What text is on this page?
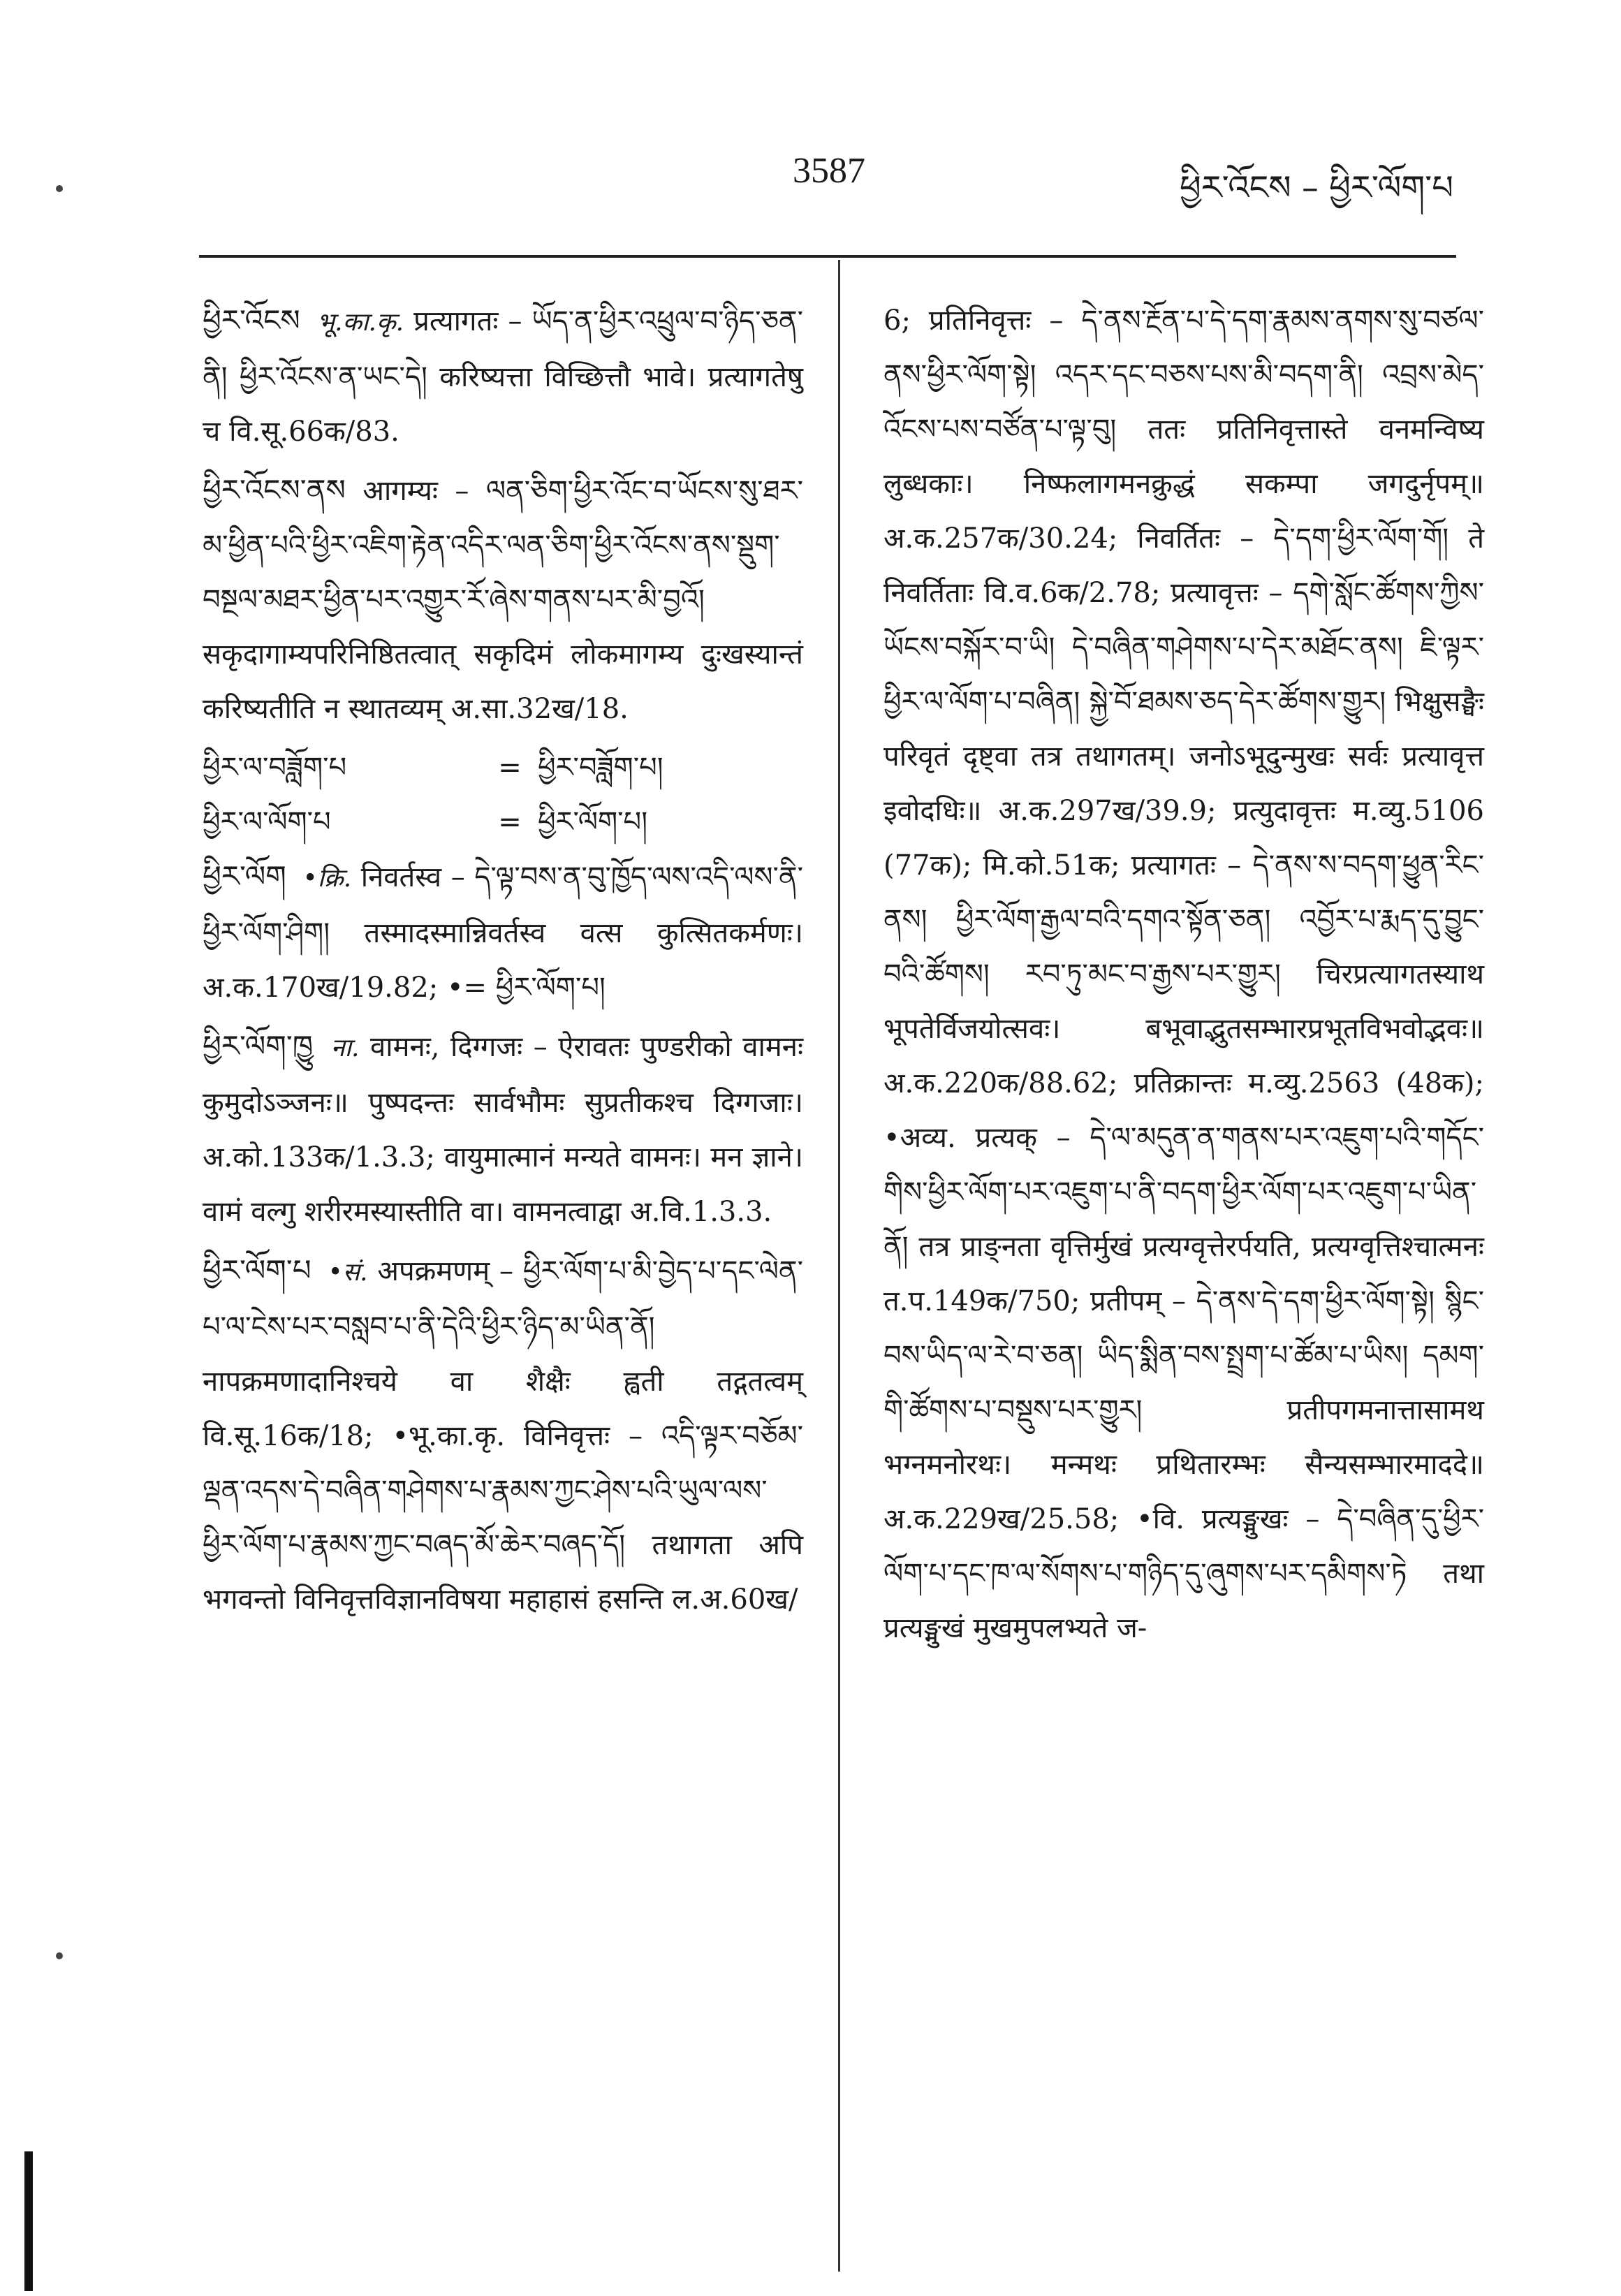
3587	ཕྱིར་འོངས – ཕྱིར་ལོག་པ

ཕྱིར་འོངས भू.का.कृ. प्रत्यागतः – ཡོད་ན་ཕྱིར་འཕྲུལ་བ་ཉིད་ཅན་ནི། ཕྱིར་འོངས་ན་ཡང་དེ། करिष्यत्ता विच्छित्तौ भावे। प्रत्यागतेषु च वि.सू.66क/83.

ཕྱིར་འོངས་ནས आगम्यः – ལན་ཅིག་ཕྱིར་འོང་བ་ཡོངས་སུ་ཐར་མ་ཕྱིན་པའི་ཕྱིར་འཇིག་རྟེན་འདིར་ལན་ཅིག་ཕྱིར་འོངས་ནས་སྡུག་བསྔལ་མཐར་ཕྱིན་པར་འགྱུར་རོ་ཞེས་གནས་པར་མི་བྱའོ། सकृदागाम्यपरिनिष्ठितत्वात् सकृदिमं लोकमागम्य दुःखस्यान्तं करिष्यतीति न स्थातव्यम् अ.सा.32ख/18.

ཕྱིར་ལ་བཟློག་པ	= ཕྱིར་བཟློག་པ།
ཕྱིར་ལ་ལོག་པ	= ཕྱིར་ལོག་པ།

ཕྱིར་ལོག •क्रि. निवर्तस्व – དེ་ལྟ་བས་ན་བུ་ཁྱོད་ལས་འདི་ལས་ནི་ཕྱིར་ལོག་ཤིག། तस्मादस्मान्निवर्तस्व वत्स कुत्सितकर्मणः। अ.क.170ख/19.82; •= ཕྱིར་ལོག་པ།

ཕྱིར་ལོག་ཁྱུ ना. वामनः, दिग्गजः – ऐरावतः पुण्डरीको वामनः कुमुदोऽञ्जनः॥ पुष्पदन्तः सार्वभौमः सुप्रतीकश्च दिग्गजाः। अ.को.133क/1.3.3; वायुमात्मानं मन्यते वामनः। मन ज्ञाने। वामं वल्गु शरीरमस्यास्तीति वा। वामनत्वाद्वा अ.वि.1.3.3.

ཕྱིར་ལོག་པ •सं. अपक्रमणम् – ཕྱིར་ལོག་པ་མི་བྱེད་པ་དང་ལེན་པ་ལ་ངེས་པར་བསླབ་པ་ནི་དེའི་ཕྱིར་ཉིད་མ་ཡིན་ནོ། नापक्रमणादानिश्चये वा शैक्षैः ह्वती तद्गतत्वम् वि.सू.16क/18; •भू.का.कृ. विनिवृत्तः – འདི་ལྟར་བཅོམ་ལྡན་འདས་དེ་བཞིན་གཤེགས་པ་རྣམས་ཀྱང་ཤེས་པའི་ཡུལ་ལས་ཕྱིར་ལོག་པ་རྣམས་ཀྱང་བཞད་མོ་ཆེར་བཞད་དོ། तथागता अपि भगवन्तो विनिवृत्तविज्ञानविषया महाहासं हसन्ति ल.अ.60ख/

6; प्रतिनिवृत्तः – དེ་ནས་རྔོན་པ་དེ་དག་རྣམས་ནགས་སུ་བཙལ་ནས་ཕྱིར་ལོག་སྟེ། འདར་དང་བཅས་པས་མི་བདག་ནི། འབྲས་མེད་འོངས་པས་བཙོན་པ་ལྟ་བུ། ततः प्रतिनिवृत्तास्ते वनमन्विष्य लुब्धकाः। निष्फलागमनक्रुद्धं सकम्पा जगदुर्नृपम्॥ अ.क.257क/30.24; निवर्तितः – དེ་དག་ཕྱིར་ལོག་གོ། ते निवर्तिताः वि.व.6क/2.78; प्रत्यावृत्तः – དགེ་སློང་ཚོགས་ཀྱིས་ཡོངས་བསྐོར་བ་ཡི། དེ་བཞིན་གཤེགས་པ་དེར་མཐོང་ནས། ཇི་ལྟར་ཕྱིར་ལ་ལོག་པ་བཞིན། སྐྱེ་བོ་ཐམས་ཅད་དེར་ཚོགས་གྱུར། भिक्षुसङ्घैः परिवृतं दृष्ट्वा तत्र तथागतम्। जनोऽभूदुन्मुखः सर्वः प्रत्यावृत्त इवोदधिः॥ अ.क.297ख/39.9; प्रत्युदावृत्तः म.व्यु.5106 (77क); मि.को.51क; प्रत्यागतः – དེ་ནས་ས་བདག་ཕྱུན་རིང་ནས། ཕྱིར་ལོག་རྒྱལ་བའི་དགའ་སྟོན་ཅན། འབྱོར་པ་རྨད་དུ་བྱུང་བའི་ཚོགས། རབ་ཏུ་མང་བ་རྒྱས་པར་གྱུར། चिरप्रत्यागतस्याथ भूपतेर्विजयोत्सवः। बभूवाद्भुतसम्भारप्रभूतविभवोद्भवः॥ अ.क.220क/88.62; प्रतिक्रान्तः म.व्यु.2563 (48क); •अव्य. प्रत्यक् – དེ་ལ་མདུན་ན་གནས་པར་འཇུག་པའི་གདོང་གིས་ཕྱིར་ལོག་པར་འཇུག་པ་ནི་བདག་ཕྱིར་ལོག་པར་འཇུག་པ་ཡིན་ནོ། तत्र प्राङ्नता वृत्तिर्मुखं प्रत्यग्वृत्तेरर्पयति, प्रत्यग्वृत्तिश्चात्मनः त.प.149क/750; प्रतीपम् – དེ་ནས་དེ་དག་ཕྱིར་ལོག་སྟེ། སྙིང་བས་ཡིད་ལ་རེ་བ་ཅན། ཡིད་སྨིན་བས་སྤྲག་པ་ཚོམ་པ་ཡིས། དམག་གི་ཚོགས་པ་བསྡུས་པར་གྱུར། प्रतीपगमनात्तासामथ भग्नमनोरथः। मन्मथः प्रथितारम्भः सैन्यसम्भारमाददे॥ अ.क.229ख/25.58; •वि. प्रत्यङ्मुखः – དེ་བཞིན་དུ་ཕྱིར་ལོག་པ་དང་ཁ་ལ་སོགས་པ་གཉིད་དུ་ཞུགས་པར་དམིགས་ཏེ तथा प्रत्यङ्मुखं मुखमुपलभ्यते ज-
